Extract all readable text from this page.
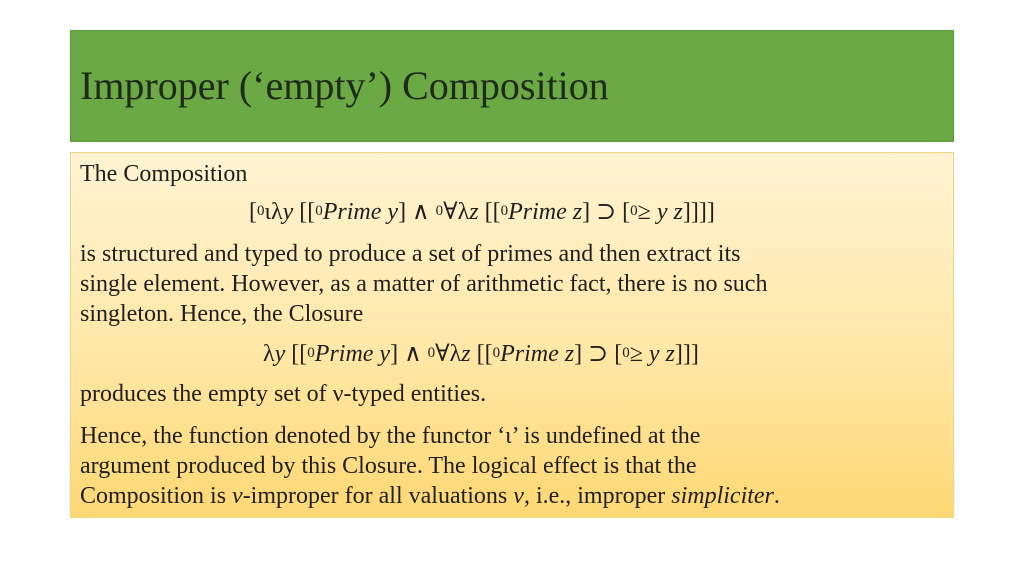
Improper (‘empty’) Composition
The Composition
[$^0$ιλy [[$^0$Prime y] ∧ $^0$∀λz [[$^0$Prime z] ⊃ [$^0$≥ y z]]]]
is structured and typed to produce a set of primes and then extract its
single element. However, as a matter of arithmetic fact, there is no such
singleton. Hence, the Closure
λy [[$^0$Prime y] ∧ $^0$∀λz [[$^0$Prime z] ⊃ [$^0$≥ y z]]]
produces the empty set of ν-typed entities.
Hence, the function denoted by the functor ‘ι’ is undefined at the
argument produced by this Closure. The logical effect is that the
Composition is v-improper for all valuations v, i.e., improper simpliciter.
